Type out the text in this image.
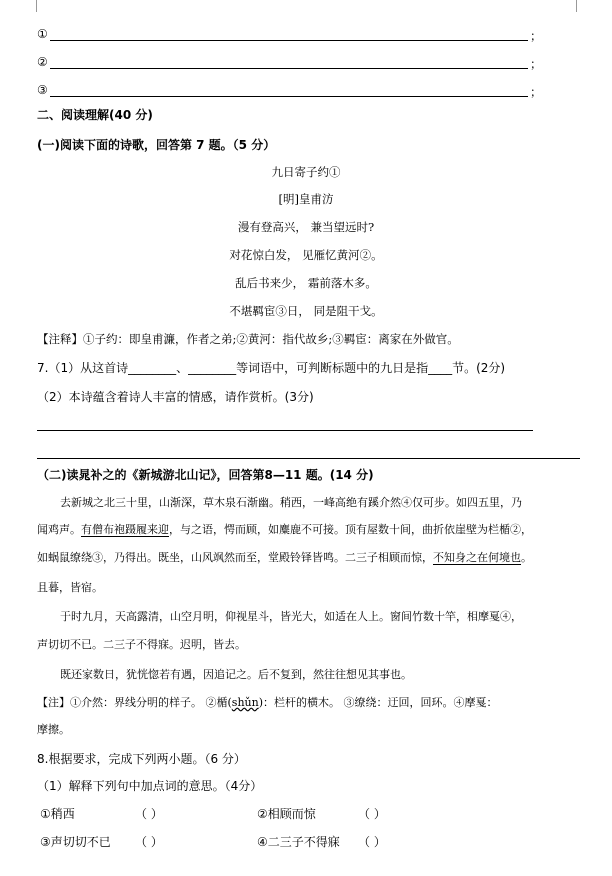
①	；
②	；
③	；
二、阅读理解(40 分)
(一)阅读下面的诗歌，回答第 7 题。（5 分）
九日寄子约①
[明]皇甫汸
漫有登高兴， 兼当望远时?
对花惊白发， 见雁忆黄河②。
乱后书来少， 霜前落木多。
不堪羁宦③日， 同是阻干戈。
【注释】①子约：即皇甫濂，作者之弟;②黄河：指代故乡;③羁宦：离家在外做官。
7.（1）从这首诗________、________等词语中，可判断标题中的九日是指____节。(2分)
（2）本诗蕴含着诗人丰富的情感，请作赏析。(3分)
（二)读晁补之的《新城游北山记》，回答第8—11 题。(14 分)
去新城之北三十里，山渐深，草木泉石渐幽。稍西，一峰高绝有蹊介然④仅可步。如四五里，乃
闻鸡声。有僧布袍蹑履来迎，与之语，愕而顾，如麋鹿不可接。顶有屋数十间，曲折依崖壁为栏楯②，
如蜗鼠缭绕③，乃得出。既坐，山风飒然而至，堂殿铃铎皆鸣。二三子相顾而惊，不知身之在何境也。
且暮，皆宿。
于时九月，天高露清，山空月明，仰视星斗，皆光大，如适在人上。窗间竹数十竿，相摩戛④，
声切切不已。二三子不得寐。迟明，皆去。
既还家数日，犹恍惚若有遇，因追记之。后不复到，然往往想见其事也。
【注】①介然：界线分明的样子。 ②楯(shǔn)：栏杆的横木。 ③缭绕：迂回，回环。④摩戛：
摩擦。
8.根据要求，完成下列两小题。（6 分）
（1）解释下列句中加点词的意思。（4分）
①稍西	（ ）	②相顾而惊	（ ）
③声切切不已 （ ）	④二三子不得寐 （ ）
